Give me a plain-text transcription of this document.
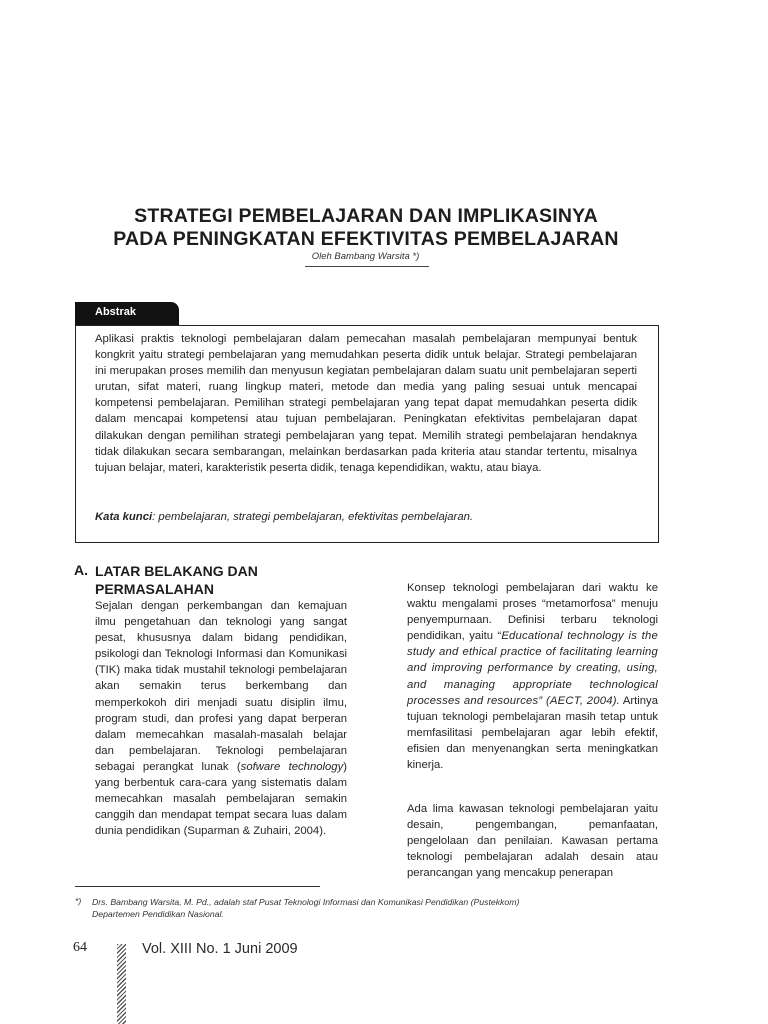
STRATEGI PEMBELAJARAN DAN IMPLIKASINYA
PADA PENINGKATAN EFEKTIVITAS PEMBELAJARAN
Oleh Bambang Warsita *)
Abstrak
Aplikasi praktis teknologi pembelajaran dalam pemecahan masalah pembelajaran mempunyai bentuk kongkrit yaitu strategi pembelajaran yang memudahkan peserta didik untuk belajar. Strategi pembelajaran ini merupakan proses memilih dan menyusun kegiatan pembelajaran dalam suatu unit pembelajaran seperti urutan, sifat materi, ruang lingkup materi, metode dan media yang paling sesuai untuk mencapai kompetensi pembelajaran. Pemilihan strategi pembelajaran yang tepat dapat memudahkan peserta didik dalam mencapai kompetensi atau tujuan pembelajaran. Peningkatan efektivitas pembelajaran dapat dilakukan dengan pemilihan strategi pembelajaran yang tepat. Memilih strategi pembelajaran hendaknya tidak dilakukan secara sembarangan, melainkan berdasarkan pada kriteria atau standar tertentu, misalnya tujuan belajar, materi, karakteristik peserta didik, tenaga kependidikan, waktu, atau biaya.
Kata kunci: pembelajaran, strategi pembelajaran, efektivitas pembelajaran.
A. LATAR BELAKANG DAN PERMASALAHAN
Sejalan dengan perkembangan dan kemajuan ilmu pengetahuan dan teknologi yang sangat pesat, khususnya dalam bidang pendidikan, psikologi dan Teknologi Informasi dan Komunikasi (TIK) maka tidak mustahil teknologi pembelajaran akan semakin terus berkembang dan memperkokoh diri menjadi suatu disiplin ilmu, program studi, dan profesi yang dapat berperan dalam memecahkan masalah-masalah belajar dan pembelajaran. Teknologi pembelajaran sebagai perangkat lunak (sofware technology) yang berbentuk cara-cara yang sistematis dalam memecahkan masalah pembelajaran semakin canggih dan mendapat tempat secara luas dalam dunia pendidikan (Suparman & Zuhairi, 2004).
Konsep teknologi pembelajaran dari waktu ke waktu mengalami proses “metamorfosa” menuju penyempurnaan. Definisi terbaru teknologi pendidikan, yaitu “Educational technology is the study and ethical practice of facilitating learning and improving performance by creating, using, and managing appropriate technological processes and resources” (AECT, 2004). Artinya tujuan teknologi pembelajaran masih tetap untuk memfasilitasi pembelajaran agar lebih efektif, efisien dan menyenangkan serta meningkatkan kinerja.
Ada lima kawasan teknologi pembelajaran yaitu desain, pengembangan, pemanfaatan, pengelolaan dan penilaian. Kawasan pertama teknologi pembelajaran adalah desain atau perancangan yang mencakup penerapan
*) Drs. Bambang Warsita, M. Pd., adalah staf Pusat Teknologi Informasi dan Komunikasi Pendidikan (Pustekkom)
Departemen Pendidikan Nasional.
64	Vol. XIII No. 1 Juni 2009
